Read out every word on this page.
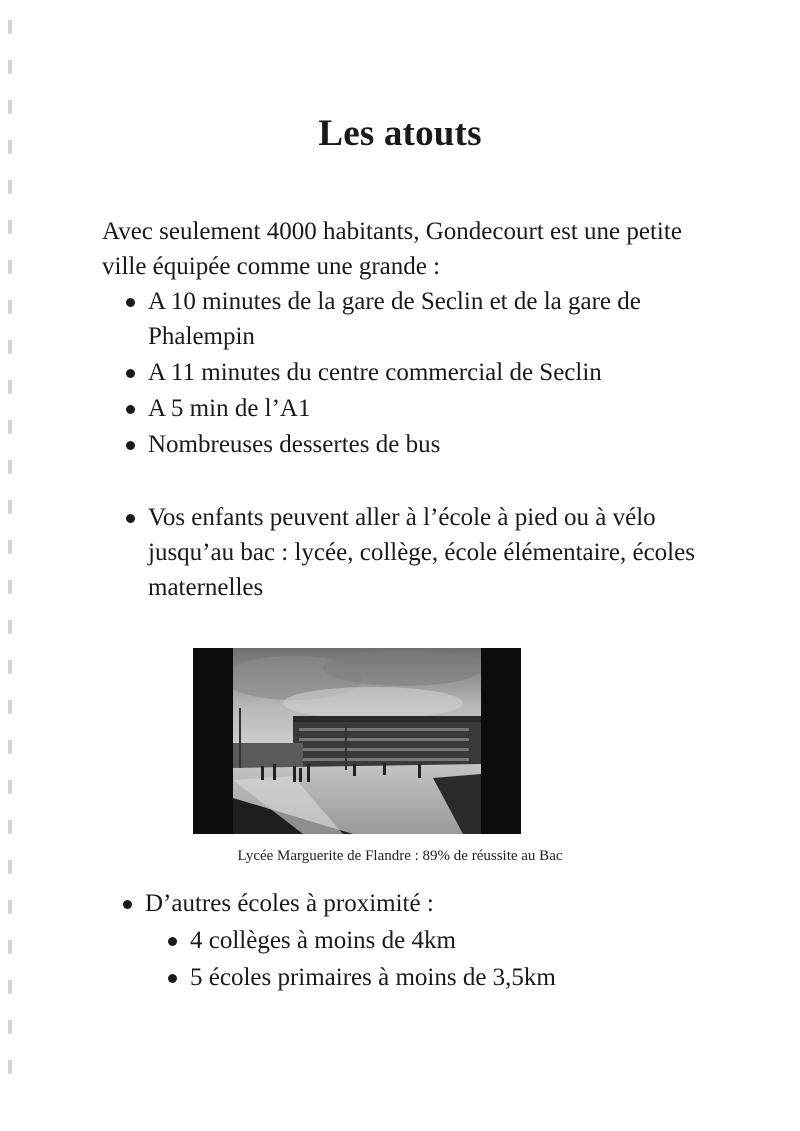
Les atouts
Avec seulement 4000 habitants, Gondecourt est une petite ville équipée comme une grande :
A 10 minutes de la gare de Seclin et de la gare de Phalempin
A 11 minutes du centre commercial de Seclin
A 5 min de l’A1
Nombreuses dessertes de bus
Vos enfants peuvent aller à l’école à pied ou à vélo jusqu’au bac : lycée, collège, école élémentaire, écoles maternelles
Lycée Marguerite de Flandre : 89% de réussite au Bac
D’autres écoles à proximité :
4 collèges à moins de 4km
5 écoles primaires à moins de 3,5km
